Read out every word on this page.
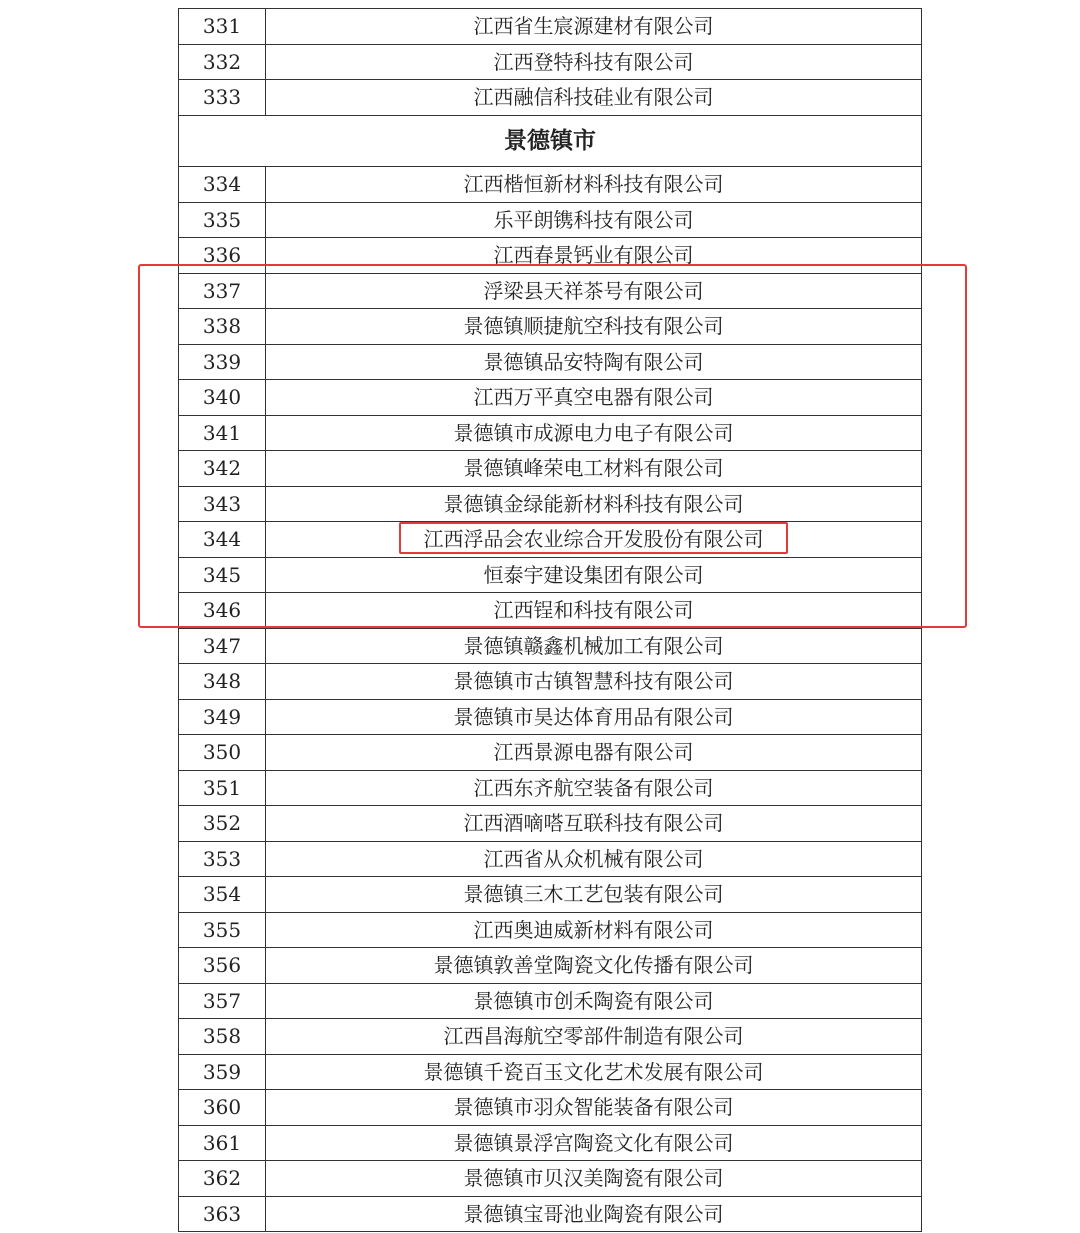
331	江西省生宸源建材有限公司
332	江西登特科技有限公司
333	江西融信科技硅业有限公司
景德镇市	
334	江西楷恒新材料科技有限公司
335	乐平朗镌科技有限公司
336	江西春景钙业有限公司
337	浮梁县天祥茶号有限公司
338	景德镇顺捷航空科技有限公司
339	景德镇品安特陶有限公司
340	江西万平真空电器有限公司
341	景德镇市成源电力电子有限公司
342	景德镇峰荣电工材料有限公司
343	景德镇金绿能新材料科技有限公司
344	江西浮品会农业综合开发股份有限公司
345	恒泰宇建设集团有限公司
346	江西锃和科技有限公司
347	景德镇赣鑫机械加工有限公司
348	景德镇市古镇智慧科技有限公司
349	景德镇市昊达体育用品有限公司
350	江西景源电器有限公司
351	江西东齐航空装备有限公司
352	江西酒嘀嗒互联科技有限公司
353	江西省从众机械有限公司
354	景德镇三木工艺包装有限公司
355	江西奥迪威新材料有限公司
356	景德镇敦善堂陶瓷文化传播有限公司
357	景德镇市创禾陶瓷有限公司
358	江西昌海航空零部件制造有限公司
359	景德镇千瓷百玉文化艺术发展有限公司
360	景德镇市羽众智能装备有限公司
361	景德镇景浮宫陶瓷文化有限公司
362	景德镇市贝汉美陶瓷有限公司
363	景德镇宝哥池业陶瓷有限公司
